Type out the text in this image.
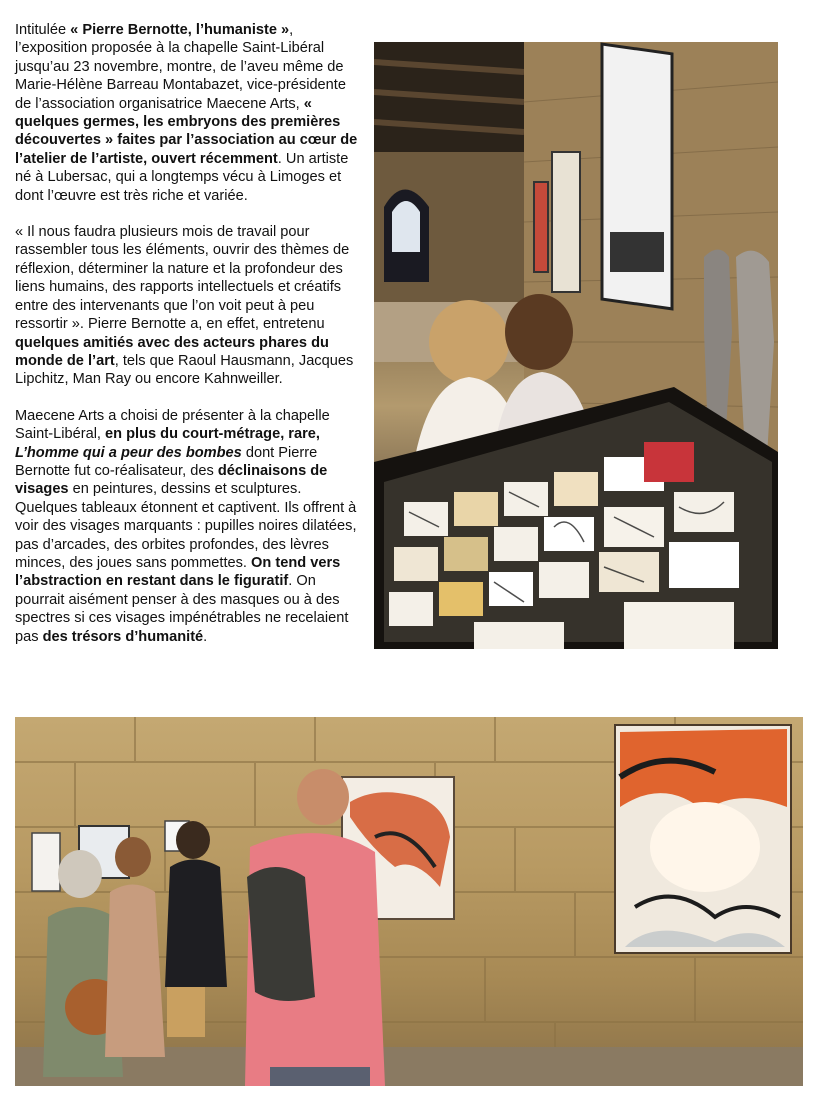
Intitulée « Pierre Bernotte, l’humaniste », l’exposition proposée à la chapelle Saint-Libéral jusqu’au 23 novembre, montre, de l’aveu même de Marie-Hélène Barreau Montabazet, vice-présidente de l’association organisatrice Maecene Arts, « quelques germes, les embryons des premières découvertes » faites par l’association au cœur de l’atelier de l’artiste, ouvert récemment. Un artiste né à Lubersac, qui a longtemps vécu à Limoges et dont l’œuvre est très riche et variée.

« Il nous faudra plusieurs mois de travail pour rassembler tous les éléments, ouvrir des thèmes de réflexion, déterminer la nature et la profondeur des liens humains, des rapports intellectuels et créatifs entre des intervenants que l’on voit peut à peu ressortir ». Pierre Bernotte a, en effet, entretenu quelques amitiés avec des acteurs phares du monde de l’art, tels que Raoul Hausmann, Jacques Lipchitz, Man Ray ou encore Kahnweiller.

Maecene Arts a choisi de présenter à la chapelle Saint-Libéral, en plus du court-métrage, rare, L’homme qui a peur des bombes dont Pierre Bernotte fut co-réalisateur, des déclinaisons de visages en peintures, dessins et sculptures. Quelques tableaux étonnent et captivent. Ils offrent à voir des visages marquants : pupilles noires dilatées, pas d’arcades, des orbites profondes, des lèvres minces, des joues sans pommettes. On tend vers l’abstraction en restant dans le figuratif. On pourrait aisément penser à des masques ou à des spectres si ces visages impénétrables ne recelaient pas des trésors d’humanité.
